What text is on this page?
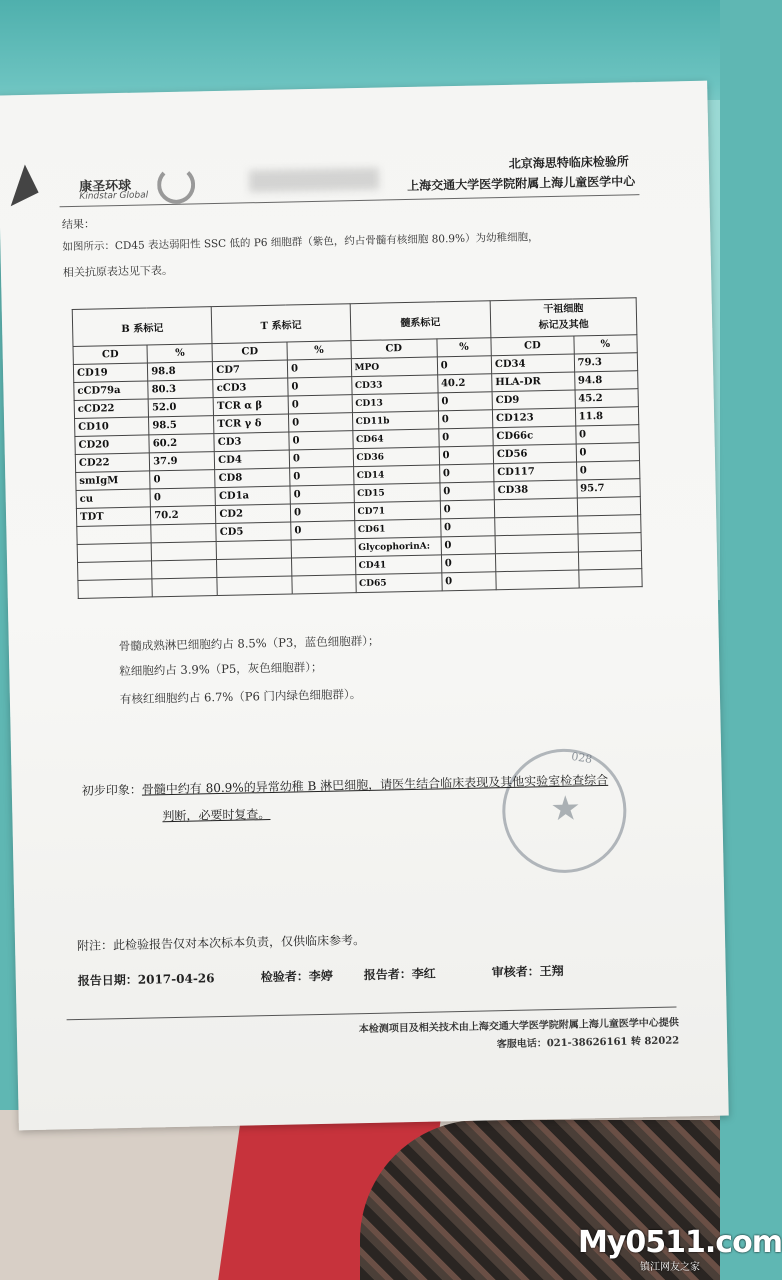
康圣环球
Kindstar Global
北京海思特临床检验所
上海交通大学医学院附属上海儿童医学中心
结果：
如图所示：CD45 表达弱阳性 SSC 低的 P6 细胞群（紫色，约占骨髓有核细胞 80.9%）为幼稚细胞，
相关抗原表达见下表。
B 系标记		T 系标记		髓系标记		干祖细胞
标记及其他	
CD	%	CD	%	CD	%	CD	%
CD19	98.8	CD7	0	MPO	0	CD34	79.3
cCD79a	80.3	cCD3	0	CD33	40.2	HLA-DR	94.8
cCD22	52.0	TCR α β	0	CD13	0	CD9	45.2
CD10	98.5	TCR γ δ	0	CD11b	0	CD123	11.8
CD20	60.2	CD3	0	CD64	0	CD66c	0
CD22	37.9	CD4	0	CD36	0	CD56	0
smIgM	0	CD8	0	CD14	0	CD117	0
cu	0	CD1a	0	CD15	0	CD38	95.7
TDT	70.2	CD2	0	CD71	0		
		CD5	0	CD61	0		
				GlycophorinA:	0		
				CD41	0		
				CD65	0		
骨髓成熟淋巴细胞约占 8.5%（P3，蓝色细胞群）；
粒细胞约占 3.9%（P5，灰色细胞群）；
有核红细胞约占 6.7%（P6 门内绿色细胞群）。
★
028
初步印象：骨髓中约有 80.9%的异常幼稚 B 淋巴细胞，请医生结合临床表现及其他实验室检查综合
判断，必要时复查。
附注：此检验报告仅对本次标本负责，仅供临床参考。
报告日期：2017-04-26	检验者：李婷	报告者：李红	审核者：王翔
本检测项目及相关技术由上海交通大学医学院附属上海儿童医学中心提供
客服电话：021-38626161 转 82022
My0511.com
镇江网友之家
